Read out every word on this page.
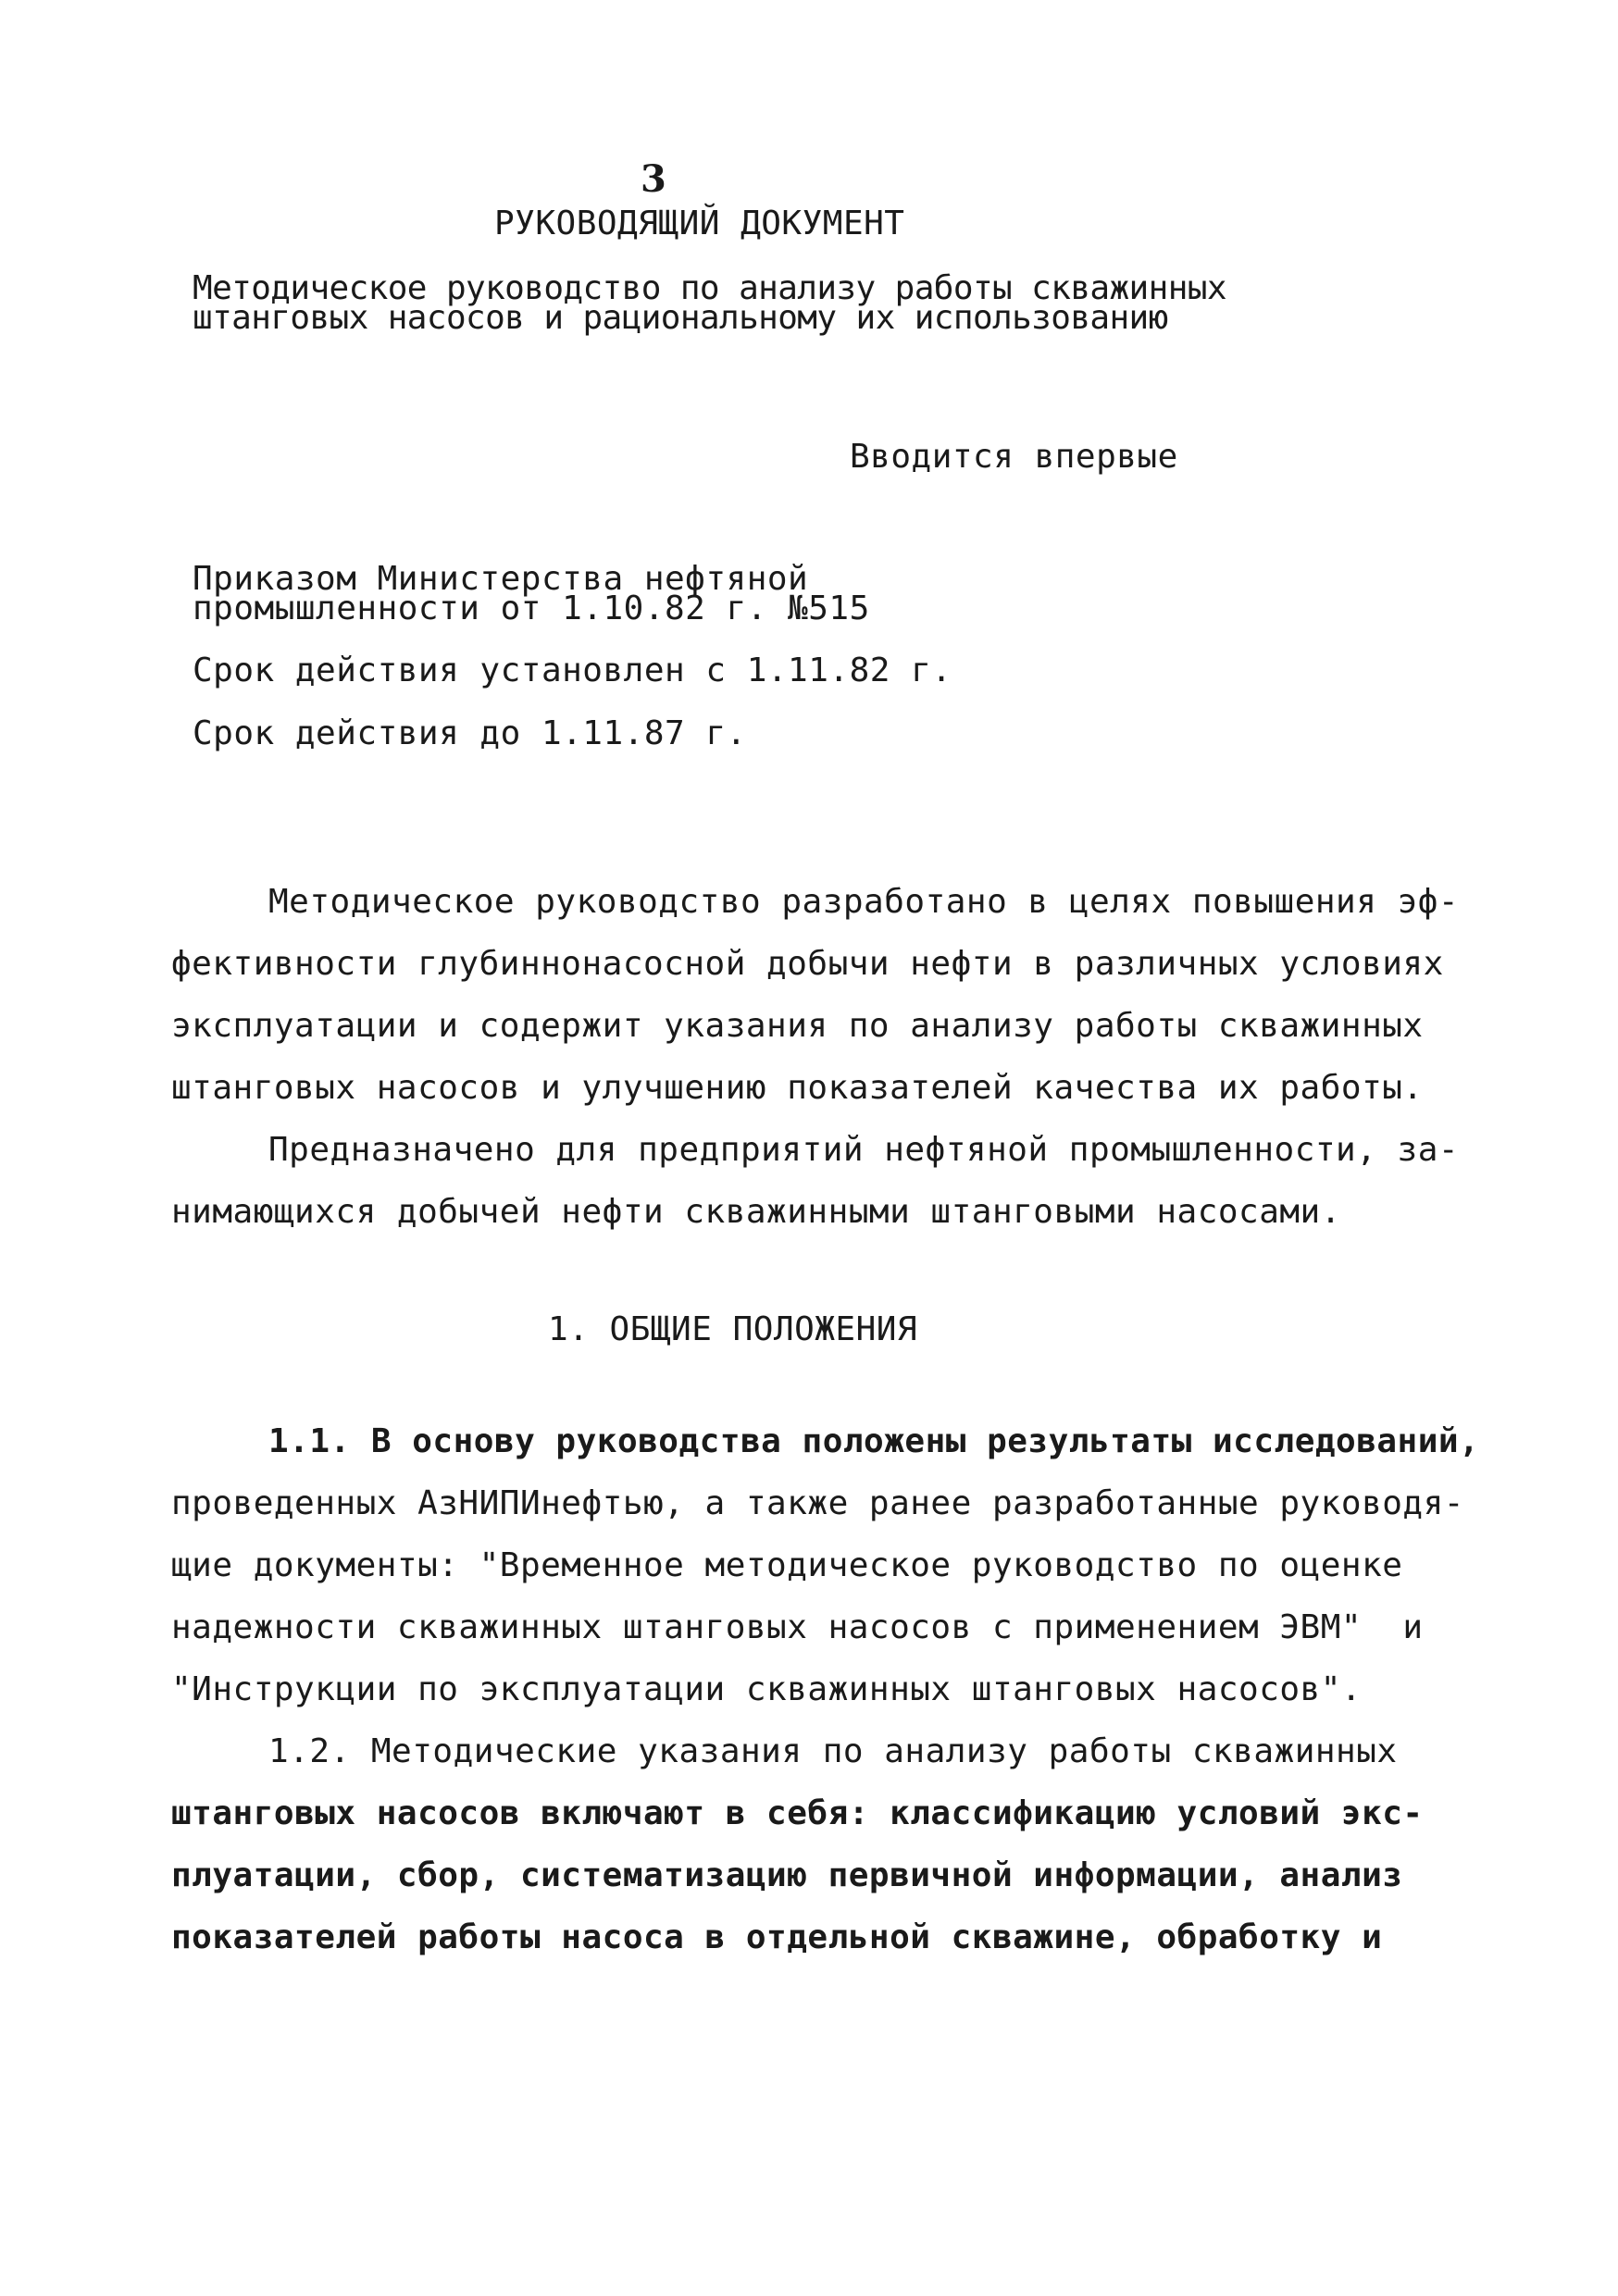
3
РУКОВОДЯЩИЙ ДОКУМЕНТ
Методическое руководство по анализу работы скважинных
штанговых насосов и рациональному их использованию
Вводится впервые
Приказом Министерства нефтяной
промышленности от 1.10.82 г. №515
Срок действия установлен с 1.11.82 г.
Срок действия до 1.11.87 г.
Методическое руководство разработано в целях повышения эф-
фективности глубиннонасосной добычи нефти в различных условиях
эксплуатации и содержит указания по анализу работы скважинных
штанговых насосов и улучшению показателей качества их работы.
Предназначено для предприятий нефтяной промышленности, за-
нимающихся добычей нефти скважинными штанговыми насосами.
1. ОБЩИЕ ПОЛОЖЕНИЯ
1.1. В основу руководства положены результаты исследований,
проведенных АзНИПИнефтью, а также ранее разработанные руководя-
щие документы: "Временное методическое руководство по оценке
надежности скважинных штанговых насосов с применением ЭВМ"  и
"Инструкции по эксплуатации скважинных штанговых насосов".
1.2. Методические указания по анализу работы скважинных
штанговых насосов включают в себя: классификацию условий экс-
плуатации, сбор, систематизацию первичной информации, анализ
показателей работы насоса в отдельной скважине, обработку и
